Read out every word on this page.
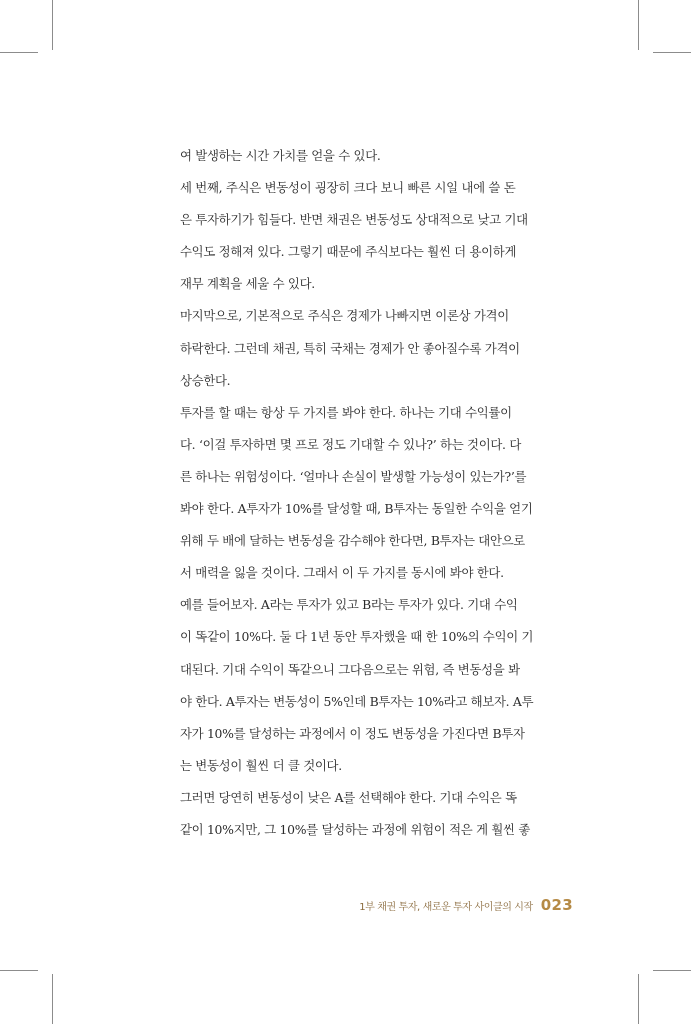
여 발생하는 시간 가치를 얻을 수 있다.
세 번째, 주식은 변동성이 굉장히 크다 보니 빠른 시일 내에 쓸 돈
은 투자하기가 힘들다. 반면 채권은 변동성도 상대적으로 낮고 기대
수익도 정해져 있다. 그렇기 때문에 주식보다는 훨씬 더 용이하게
재무 계획을 세울 수 있다.
마지막으로, 기본적으로 주식은 경제가 나빠지면 이론상 가격이
하락한다. 그런데 채권, 특히 국채는 경제가 안 좋아질수록 가격이
상승한다.
투자를 할 때는 항상 두 가지를 봐야 한다. 하나는 기대 수익률이
다. ‘이걸 투자하면 몇 프로 정도 기대할 수 있나?’ 하는 것이다. 다
른 하나는 위험성이다. ‘얼마나 손실이 발생할 가능성이 있는가?’를
봐야 한다. A투자가 10%를 달성할 때, B투자는 동일한 수익을 얻기
위해 두 배에 달하는 변동성을 감수해야 한다면, B투자는 대안으로
서 매력을 잃을 것이다. 그래서 이 두 가지를 동시에 봐야 한다.
예를 들어보자. A라는 투자가 있고 B라는 투자가 있다. 기대 수익
이 똑같이 10%다. 둘 다 1년 동안 투자했을 때 한 10%의 수익이 기
대된다. 기대 수익이 똑같으니 그다음으로는 위험, 즉 변동성을 봐
야 한다. A투자는 변동성이 5%인데 B투자는 10%라고 해보자. A투
자가 10%를 달성하는 과정에서 이 정도 변동성을 가진다면 B투자
는 변동성이 훨씬 더 클 것이다.
그러면 당연히 변동성이 낮은 A를 선택해야 한다. 기대 수익은 똑
같이 10%지만, 그 10%를 달성하는 과정에 위험이 적은 게 훨씬 좋
1부 채권 투자, 새로운 투자 사이클의 시작 023
